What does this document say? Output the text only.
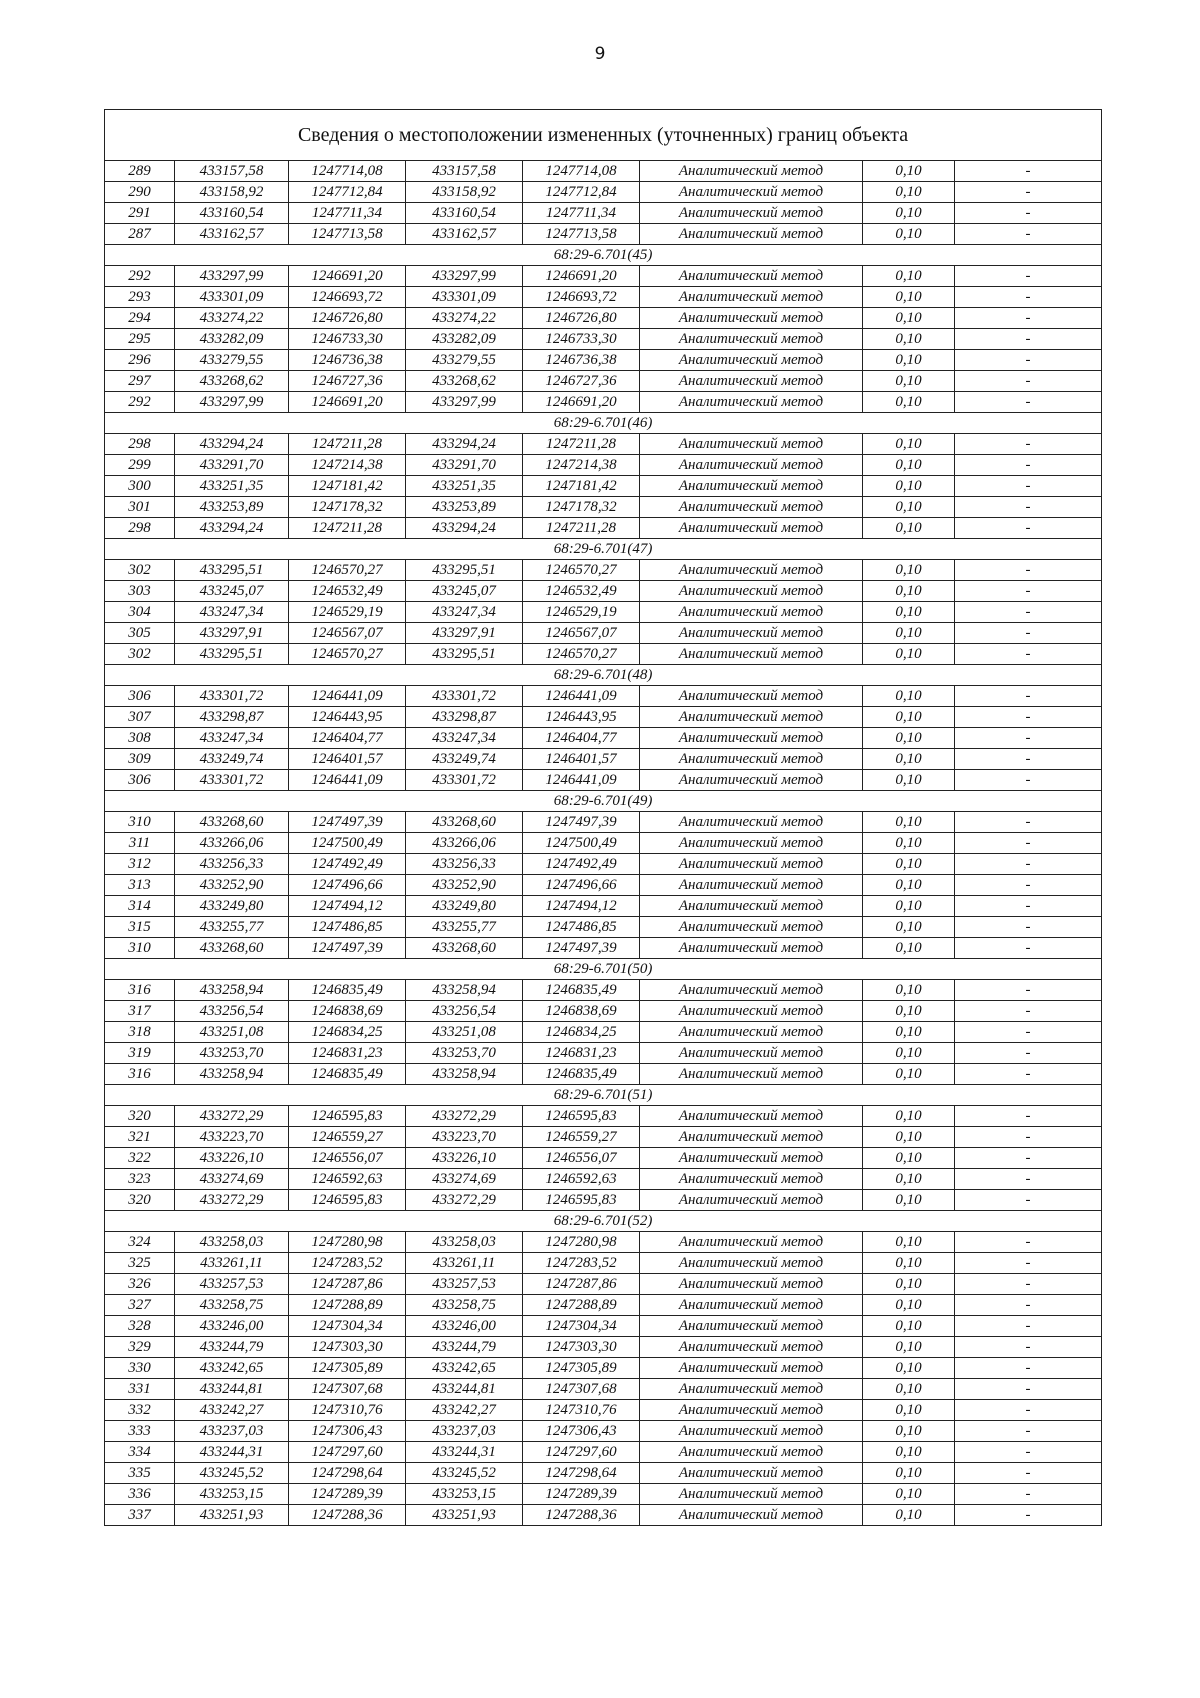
9
Сведения о местоположении измененных (уточненных) границ объекта							
289	433157,58	1247714,08	433157,58	1247714,08	Аналитический метод	0,10	-
290	433158,92	1247712,84	433158,92	1247712,84	Аналитический метод	0,10	-
291	433160,54	1247711,34	433160,54	1247711,34	Аналитический метод	0,10	-
287	433162,57	1247713,58	433162,57	1247713,58	Аналитический метод	0,10	-
68:29-6.701(45)							
292	433297,99	1246691,20	433297,99	1246691,20	Аналитический метод	0,10	-
293	433301,09	1246693,72	433301,09	1246693,72	Аналитический метод	0,10	-
294	433274,22	1246726,80	433274,22	1246726,80	Аналитический метод	0,10	-
295	433282,09	1246733,30	433282,09	1246733,30	Аналитический метод	0,10	-
296	433279,55	1246736,38	433279,55	1246736,38	Аналитический метод	0,10	-
297	433268,62	1246727,36	433268,62	1246727,36	Аналитический метод	0,10	-
292	433297,99	1246691,20	433297,99	1246691,20	Аналитический метод	0,10	-
68:29-6.701(46)							
298	433294,24	1247211,28	433294,24	1247211,28	Аналитический метод	0,10	-
299	433291,70	1247214,38	433291,70	1247214,38	Аналитический метод	0,10	-
300	433251,35	1247181,42	433251,35	1247181,42	Аналитический метод	0,10	-
301	433253,89	1247178,32	433253,89	1247178,32	Аналитический метод	0,10	-
298	433294,24	1247211,28	433294,24	1247211,28	Аналитический метод	0,10	-
68:29-6.701(47)							
302	433295,51	1246570,27	433295,51	1246570,27	Аналитический метод	0,10	-
303	433245,07	1246532,49	433245,07	1246532,49	Аналитический метод	0,10	-
304	433247,34	1246529,19	433247,34	1246529,19	Аналитический метод	0,10	-
305	433297,91	1246567,07	433297,91	1246567,07	Аналитический метод	0,10	-
302	433295,51	1246570,27	433295,51	1246570,27	Аналитический метод	0,10	-
68:29-6.701(48)							
306	433301,72	1246441,09	433301,72	1246441,09	Аналитический метод	0,10	-
307	433298,87	1246443,95	433298,87	1246443,95	Аналитический метод	0,10	-
308	433247,34	1246404,77	433247,34	1246404,77	Аналитический метод	0,10	-
309	433249,74	1246401,57	433249,74	1246401,57	Аналитический метод	0,10	-
306	433301,72	1246441,09	433301,72	1246441,09	Аналитический метод	0,10	-
68:29-6.701(49)							
310	433268,60	1247497,39	433268,60	1247497,39	Аналитический метод	0,10	-
311	433266,06	1247500,49	433266,06	1247500,49	Аналитический метод	0,10	-
312	433256,33	1247492,49	433256,33	1247492,49	Аналитический метод	0,10	-
313	433252,90	1247496,66	433252,90	1247496,66	Аналитический метод	0,10	-
314	433249,80	1247494,12	433249,80	1247494,12	Аналитический метод	0,10	-
315	433255,77	1247486,85	433255,77	1247486,85	Аналитический метод	0,10	-
310	433268,60	1247497,39	433268,60	1247497,39	Аналитический метод	0,10	-
68:29-6.701(50)							
316	433258,94	1246835,49	433258,94	1246835,49	Аналитический метод	0,10	-
317	433256,54	1246838,69	433256,54	1246838,69	Аналитический метод	0,10	-
318	433251,08	1246834,25	433251,08	1246834,25	Аналитический метод	0,10	-
319	433253,70	1246831,23	433253,70	1246831,23	Аналитический метод	0,10	-
316	433258,94	1246835,49	433258,94	1246835,49	Аналитический метод	0,10	-
68:29-6.701(51)							
320	433272,29	1246595,83	433272,29	1246595,83	Аналитический метод	0,10	-
321	433223,70	1246559,27	433223,70	1246559,27	Аналитический метод	0,10	-
322	433226,10	1246556,07	433226,10	1246556,07	Аналитический метод	0,10	-
323	433274,69	1246592,63	433274,69	1246592,63	Аналитический метод	0,10	-
320	433272,29	1246595,83	433272,29	1246595,83	Аналитический метод	0,10	-
68:29-6.701(52)							
324	433258,03	1247280,98	433258,03	1247280,98	Аналитический метод	0,10	-
325	433261,11	1247283,52	433261,11	1247283,52	Аналитический метод	0,10	-
326	433257,53	1247287,86	433257,53	1247287,86	Аналитический метод	0,10	-
327	433258,75	1247288,89	433258,75	1247288,89	Аналитический метод	0,10	-
328	433246,00	1247304,34	433246,00	1247304,34	Аналитический метод	0,10	-
329	433244,79	1247303,30	433244,79	1247303,30	Аналитический метод	0,10	-
330	433242,65	1247305,89	433242,65	1247305,89	Аналитический метод	0,10	-
331	433244,81	1247307,68	433244,81	1247307,68	Аналитический метод	0,10	-
332	433242,27	1247310,76	433242,27	1247310,76	Аналитический метод	0,10	-
333	433237,03	1247306,43	433237,03	1247306,43	Аналитический метод	0,10	-
334	433244,31	1247297,60	433244,31	1247297,60	Аналитический метод	0,10	-
335	433245,52	1247298,64	433245,52	1247298,64	Аналитический метод	0,10	-
336	433253,15	1247289,39	433253,15	1247289,39	Аналитический метод	0,10	-
337	433251,93	1247288,36	433251,93	1247288,36	Аналитический метод	0,10	-
